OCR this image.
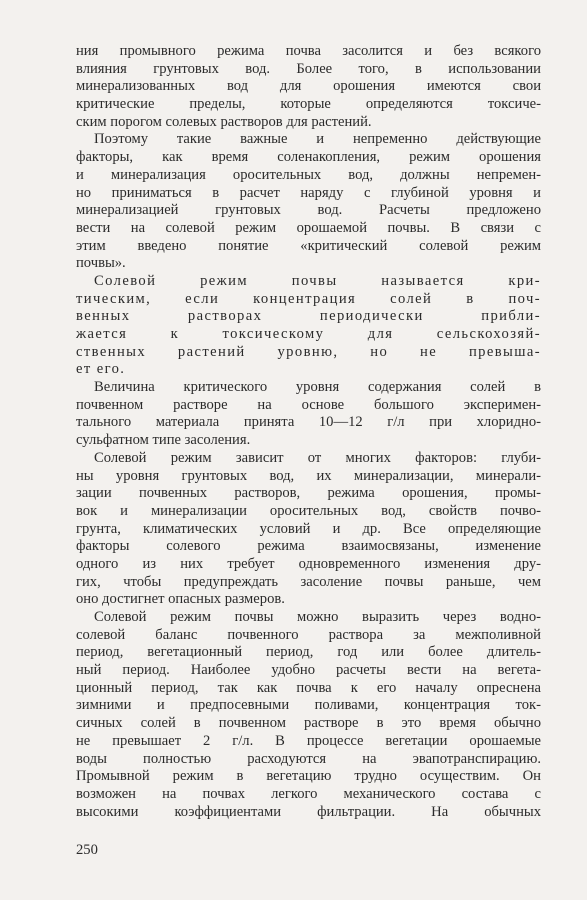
ния промывного режима почва засолится и без всякого
влияния грунтовых вод. Более того, в использовании
минерализованных вод для орошения имеются свои
критические пределы, которые определяются токсиче-
ским порогом солевых растворов для растений.
Поэтому такие важные и непременно действующие
факторы, как время соленакопления, режим орошения
и минерализация оросительных вод, должны непремен-
но приниматься в расчет наряду с глубиной уровня и
минерализацией грунтовых вод. Расчеты предложено
вести на солевой режим орошаемой почвы. В связи с
этим введено понятие «критический солевой режим
почвы».
Солевой режим почвы называется кри-
тическим, если концентрация солей в поч-
венных растворах периодически прибли-
жается к токсическому для сельскохозяй-
ственных растений уровню, но не превыша-
ет его.
Величина критического уровня содержания солей в
почвенном растворе на основе большого эксперимен-
тального материала принята 10—12 г/л при хлоридно-
сульфатном типе засоления.
Солевой режим зависит от многих факторов: глуби-
ны уровня грунтовых вод, их минерализации, минерали-
зации почвенных растворов, режима орошения, промы-
вок и минерализации оросительных вод, свойств почво-
грунта, климатических условий и др. Все определяющие
факторы солевого режима взаимосвязаны, изменение
одного из них требует одновременного изменения дру-
гих, чтобы предупреждать засоление почвы раньше, чем
оно достигнет опасных размеров.
Солевой режим почвы можно выразить через водно-
солевой баланс почвенного раствора за межполивной
период, вегетационный период, год или более длитель-
ный период. Наиболее удобно расчеты вести на вегета-
ционный период, так как почва к его началу опреснена
зимними и предпосевными поливами, концентрация ток-
сичных солей в почвенном растворе в это время обычно
не превышает 2 г/л. В процессе вегетации орошаемые
воды полностью расходуются на эвапотранспирацию.
Промывной режим в вегетацию трудно осуществим. Он
возможен на почвах легкого механического состава с
высокими коэффициентами фильтрации. На обычных
250
